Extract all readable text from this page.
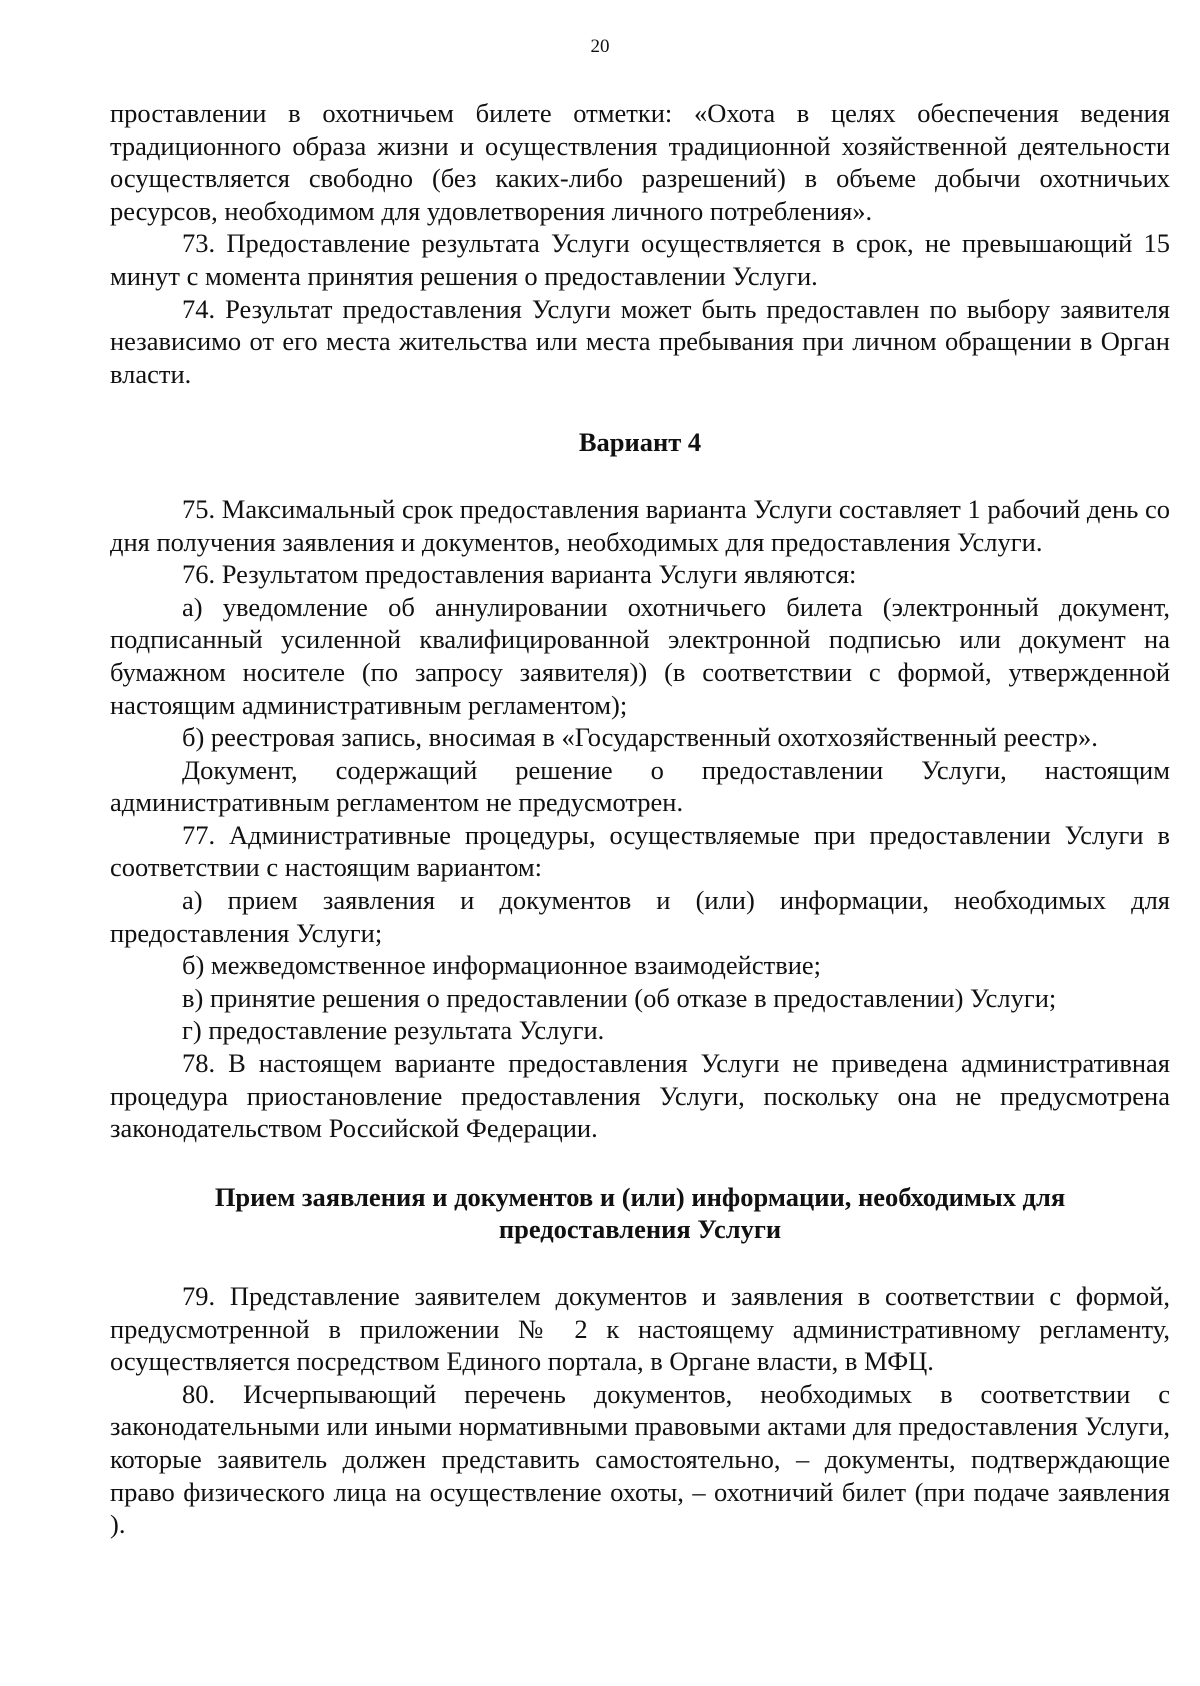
20

проставлении в охотничьем билете отметки: «Охота в целях обеспечения ведения традиционного образа жизни и осуществления традиционной хозяйственной деятельности осуществляется свободно (без каких-либо разрешений) в объеме добычи охотничьих ресурсов, необходимом для удовлетворения личного потребления».

73. Предоставление результата Услуги осуществляется в срок, не превышающий 15 минут с момента принятия решения о предоставлении Услуги.

74. Результат предоставления Услуги может быть предоставлен по выбору заявителя независимо от его места жительства или места пребывания при личном обращении в Орган власти.

Вариант 4

75. Максимальный срок предоставления варианта Услуги составляет 1 рабочий день со дня получения заявления и документов, необходимых для предоставления Услуги.

76. Результатом предоставления варианта Услуги являются:

а) уведомление об аннулировании охотничьего билета (электронный документ, подписанный усиленной квалифицированной электронной подписью или документ на бумажном носителе (по запросу заявителя)) (в соответствии с формой, утвержденной настоящим административным регламентом);

б) реестровая запись, вносимая в «Государственный охотхозяйственный реестр».

Документ, содержащий решение о предоставлении Услуги, настоящим административным регламентом не предусмотрен.

77. Административные процедуры, осуществляемые при предоставлении Услуги в соответствии с настоящим вариантом:

а) прием заявления и документов и (или) информации, необходимых для предоставления Услуги;

б) межведомственное информационное взаимодействие;

в) принятие решения о предоставлении (об отказе в предоставлении) Услуги;

г) предоставление результата Услуги.

78. В настоящем варианте предоставления Услуги не приведена административная процедура приостановление предоставления Услуги, поскольку она не предусмотрена законодательством Российской Федерации.

Прием заявления и документов и (или) информации, необходимых для
предоставления Услуги

79. Представление заявителем документов и заявления в соответствии с формой, предусмотренной в приложении № 2 к настоящему административному регламенту, осуществляется посредством Единого портала, в Органе власти, в МФЦ.

80. Исчерпывающий перечень документов, необходимых в соответствии с законодательными или иными нормативными правовыми актами для предоставления Услуги, которые заявитель должен представить самостоятельно, – документы, подтверждающие право физического лица на осуществление охоты, – охотничий билет (при подаче заявления ).
